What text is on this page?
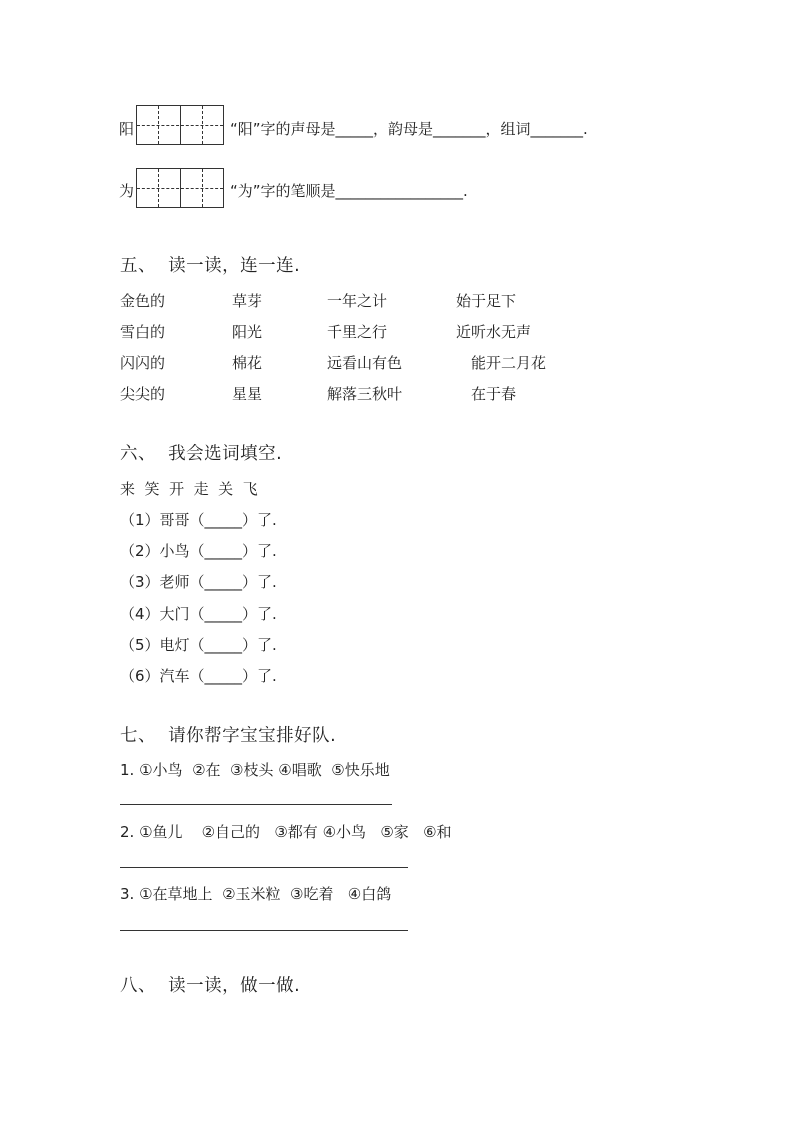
阳	“阳”字的声母是_____，韵母是_______，组词_______.
为	“为”字的笔顺是_________________.
五、  读一读，连一连.
金色的
雪白的
闪闪的
尖尖的
草芽
阳光
棉花
星星
一年之计
千里之行
远看山有色
解落三秋叶
始于足下
近听水无声
能开二月花
在于春
六、  我会选词填空.
来  笑  开  走  关  飞
（1）哥哥（_____）了.
（2）小鸟（_____）了.
（3）老师（_____）了.
（4）大门（_____）了.
（5）电灯（_____）了.
（6）汽车（_____）了.
七、  请你帮字宝宝排好队.
1. ①小鸟  ②在  ③枝头 ④唱歌  ⑤快乐地
2. ①鱼儿    ②自己的   ③都有 ④小鸟   ⑤家   ⑥和
3. ①在草地上  ②玉米粒  ③吃着   ④白鸽
八、  读一读，做一做.
